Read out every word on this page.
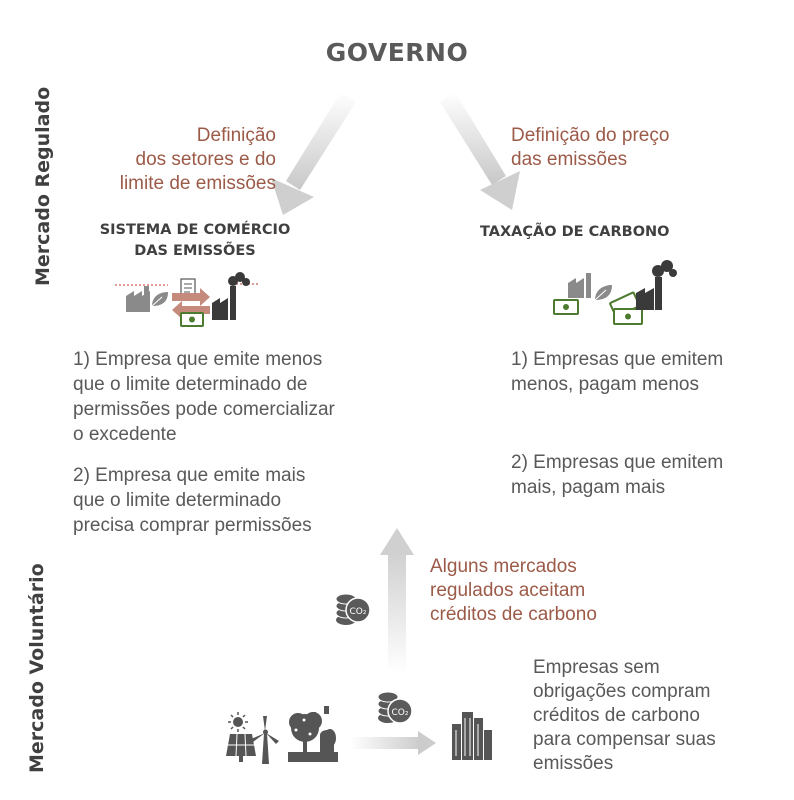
CO₂
CO₂
GOVERNO
Mercado Regulado
Mercado Voluntário
Definição
dos setores e do
limite de emissões
Definição do preço
das emissões
SISTEMA DE COMÉRCIO
DAS EMISSÕES
TAXAÇÃO DE CARBONO
1) Empresa que emite menos
que o limite determinado de
permissões pode comercializar
o excedente
2) Empresa que emite mais
que o limite determinado
precisa comprar permissões
1) Empresas que emitem
menos, pagam menos
2) Empresas que emitem
mais, pagam mais
Alguns mercados
regulados aceitam
créditos de carbono
Empresas sem
obrigações compram
créditos de carbono
para compensar suas
emissões
